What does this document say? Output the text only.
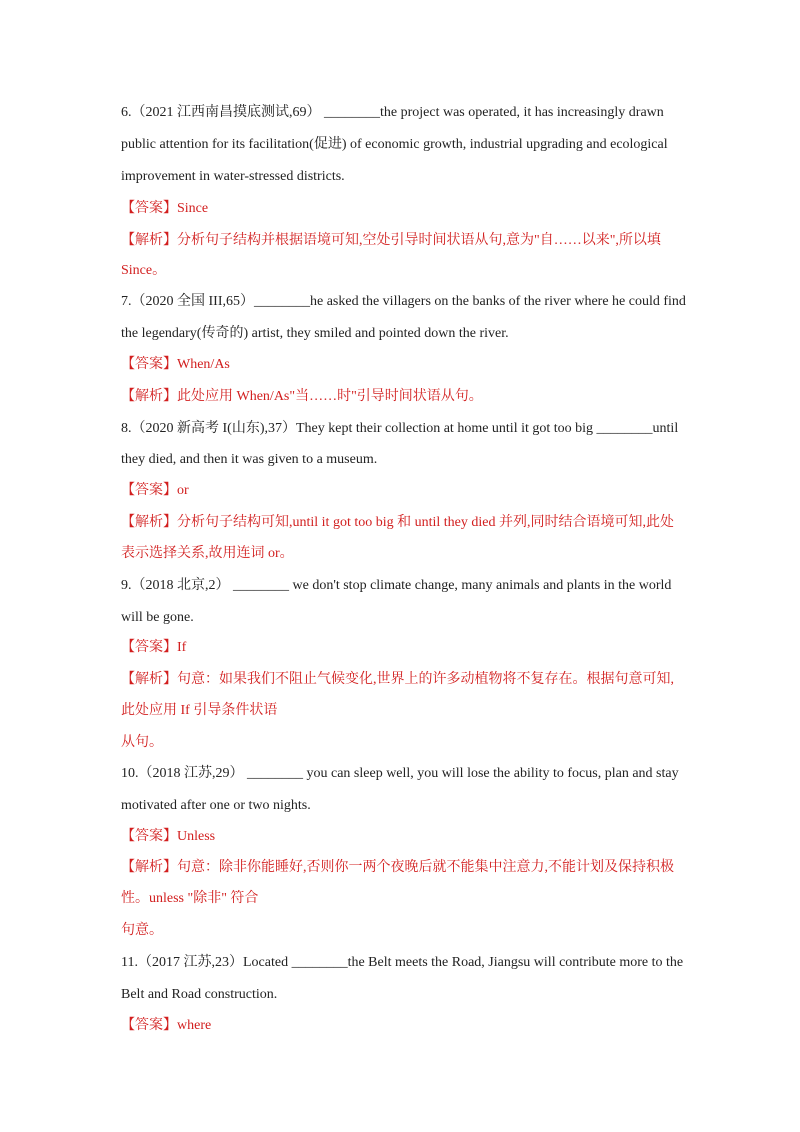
6.（2021 江西南昌摸底测试,69） ________the project was operated, it has increasingly drawn
public attention for its facilitation(促进) of economic growth, industrial upgrading and ecological
improvement in water-stressed districts.
【答案】Since
【解析】分析句子结构并根据语境可知,空处引导时间状语从句,意为"自……以来",所以填
Since。
7.（2020 全国 III,65）________he asked the villagers on the banks of the river where he could find
the legendary(传奇的) artist, they smiled and pointed down the river.
【答案】When/As
【解析】此处应用 When/As"当……时"引导时间状语从句。
8.（2020 新高考 I(山东),37）They kept their collection at home until it got too big ________until
they died, and then it was given to a museum.
【答案】or
【解析】分析句子结构可知,until it got too big 和 until they died 并列,同时结合语境可知,此处
表示选择关系,故用连词 or。
9.（2018 北京,2） ________ we don't stop climate change, many animals and plants in the world
will be gone.
【答案】If
【解析】句意：如果我们不阻止气候变化,世界上的许多动植物将不复存在。根据句意可知,
此处应用 If 引导条件状语
从句。
10.（2018 江苏,29） ________ you can sleep well, you will lose the ability to focus, plan and stay
motivated after one or two nights.
【答案】Unless
【解析】句意：除非你能睡好,否则你一两个夜晚后就不能集中注意力,不能计划及保持积极
性。unless "除非" 符合
句意。
11.（2017 江苏,23）Located ________the Belt meets the Road, Jiangsu will contribute more to the
Belt and Road construction.
【答案】where
